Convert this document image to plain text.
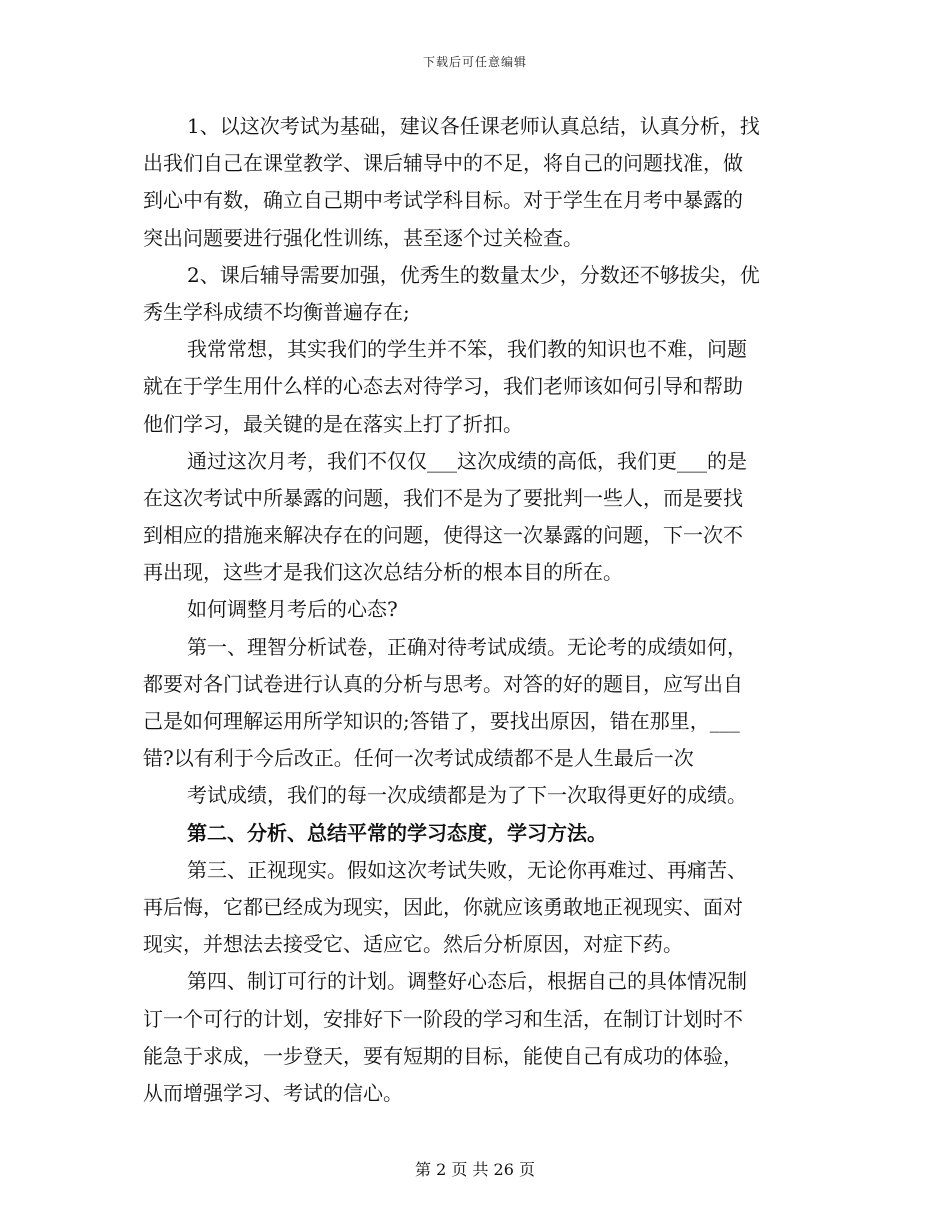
下载后可任意编辑
1、以这次考试为基础，建议各任课老师认真总结，认真分析，找
出我们自己在课堂教学、课后辅导中的不足，将自己的问题找准，做
到心中有数，确立自己期中考试学科目标。对于学生在月考中暴露的
突出问题要进行强化性训练，甚至逐个过关检查。
2、课后辅导需要加强，优秀生的数量太少，分数还不够拔尖，优
秀生学科成绩不均衡普遍存在;
我常常想，其实我们的学生并不笨，我们教的知识也不难，问题
就在于学生用什么样的心态去对待学习，我们老师该如何引导和帮助
他们学习，最关键的是在落实上打了折扣。
通过这次月考，我们不仅仅___这次成绩的高低，我们更___的是
在这次考试中所暴露的问题，我们不是为了要批判一些人，而是要找
到相应的措施来解决存在的问题，使得这一次暴露的问题，下一次不
再出现，这些才是我们这次总结分析的根本目的所在。
如何调整月考后的心态?
第一、理智分析试卷，正确对待考试成绩。无论考的成绩如何，
都要对各门试卷进行认真的分析与思考。对答的好的题目，应写出自
己是如何理解运用所学知识的;答错了，要找出原因，错在那里，___
错?以有利于今后改正。任何一次考试成绩都不是人生最后一次
考试成绩，我们的每一次成绩都是为了下一次取得更好的成绩。
第二、分析、总结平常的学习态度，学习方法。
第三、正视现实。假如这次考试失败，无论你再难过、再痛苦、
再后悔，它都已经成为现实，因此，你就应该勇敢地正视现实、面对
现实，并想法去接受它、适应它。然后分析原因，对症下药。
第四、制订可行的计划。调整好心态后，根据自己的具体情况制
订一个可行的计划，安排好下一阶段的学习和生活，在制订计划时不
能急于求成，一步登天，要有短期的目标，能使自己有成功的体验，
从而增强学习、考试的信心。
第 2 页 共 26 页
